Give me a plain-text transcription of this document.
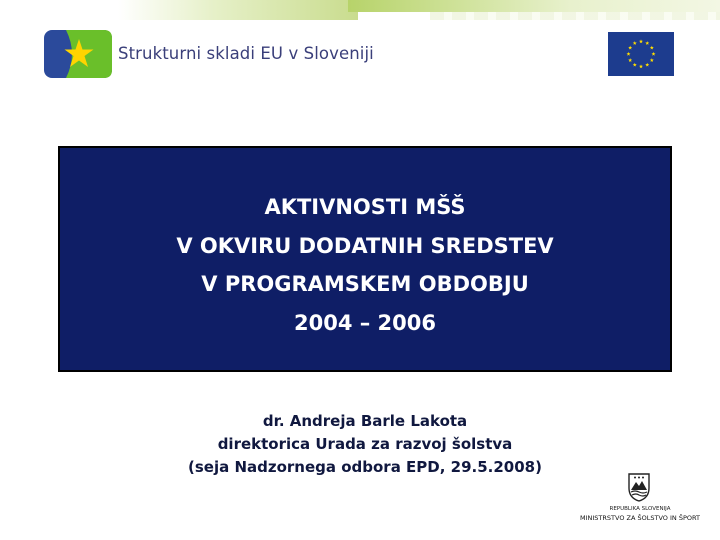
Strukturni skladi EU v Sloveniji
AKTIVNOSTI MŠŠ
V OKVIRU DODATNIH SREDSTEV
V PROGRAMSKEM OBDOBJU
2004 – 2006
dr. Andreja Barle Lakota
direktorica Urada za razvoj šolstva
(seja Nadzornega odbora EPD, 29.5.2008)
REPUBLIKA SLOVENIJA
MINISTRSTVO ZA ŠOLSTVO IN ŠPORT
